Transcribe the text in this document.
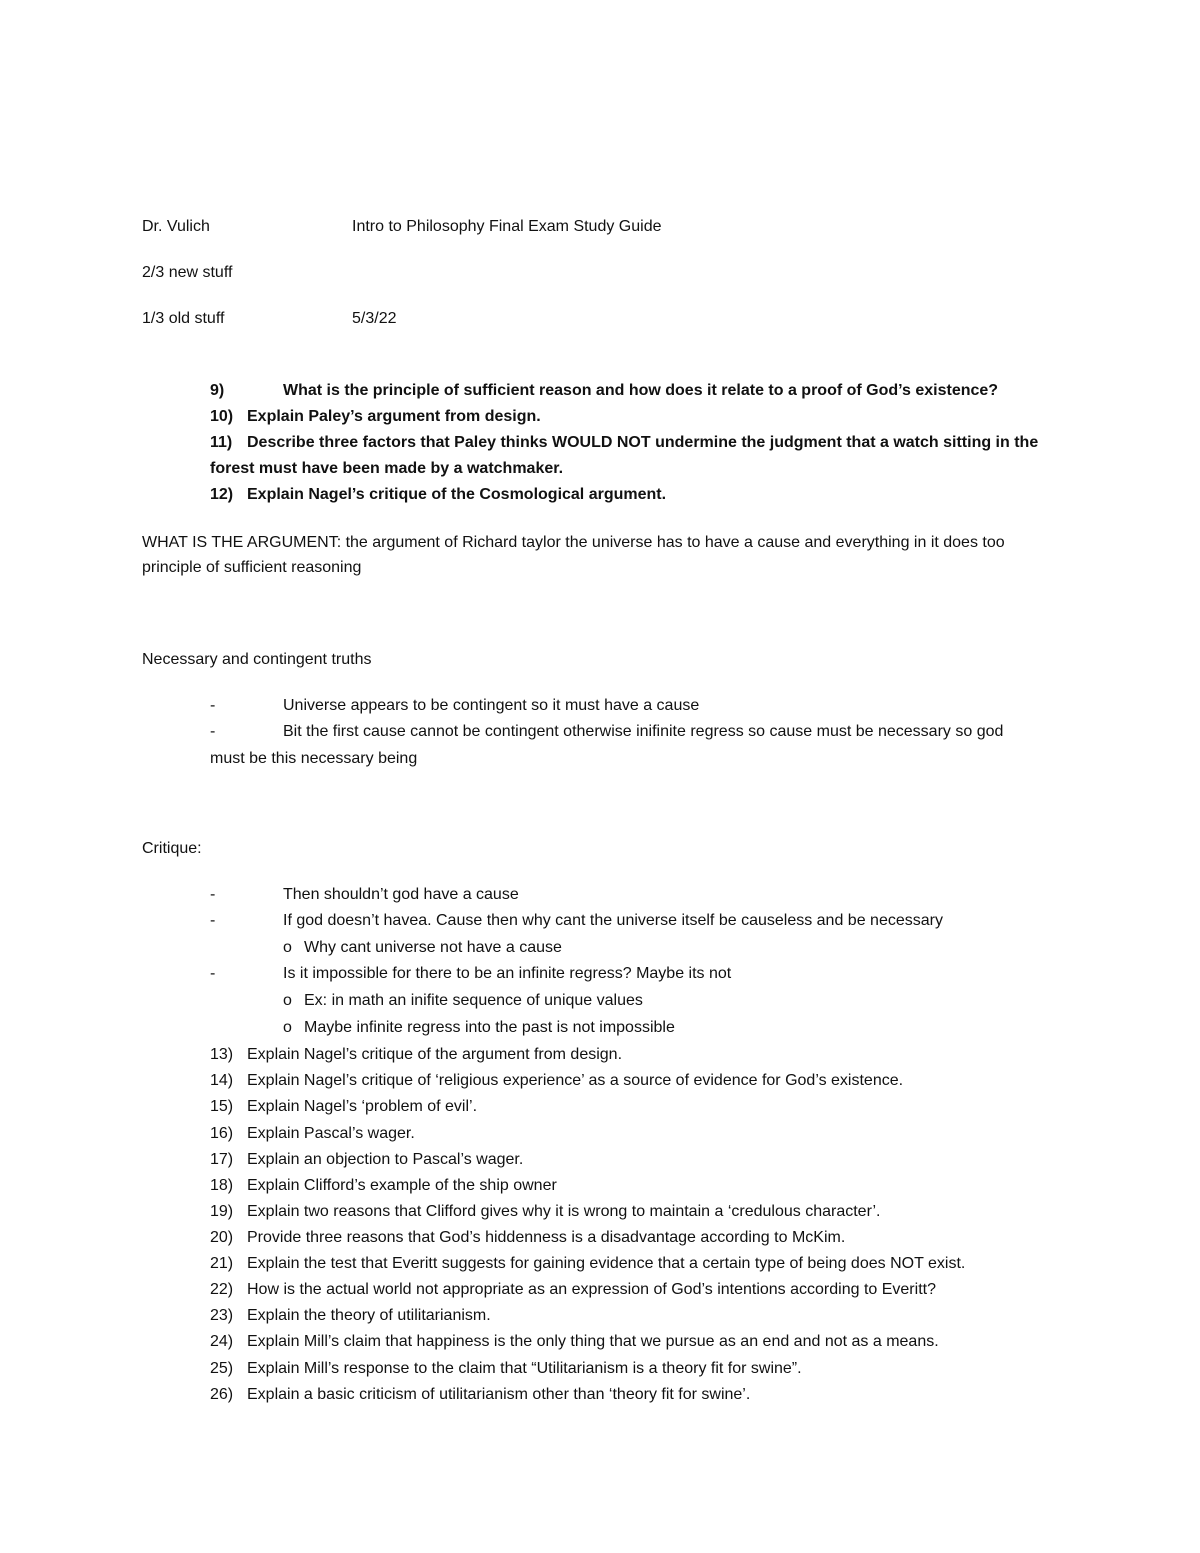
Dr. Vulich	Intro to Philosophy Final Exam Study Guide
2/3 new stuff
1/3 old stuff	5/3/22
9)	What is the principle of sufficient reason and how does it relate to a proof of God’s existence?
10) Explain Paley’s argument from design.
11) Describe three factors that Paley thinks WOULD NOT undermine the judgment that a watch sitting in the
forest must have been made by a watchmaker.
12) Explain Nagel’s critique of the Cosmological argument.
WHAT IS THE ARGUMENT: the argument of Richard taylor the universe has to have a cause and everything in it does too
principle of sufficient reasoning
Necessary and contingent truths
-	Universe appears to be contingent so it must have a cause
-	Bit the first cause cannot be contingent otherwise inifinite regress so cause must be necessary so god
must be this necessary being
Critique:
-	Then shouldn’t god have a cause
-	If god doesn’t havea. Cause then why cant the universe itself be causeless and be necessary
o Why cant universe not have a cause
-	Is it impossible for there to be an infinite regress? Maybe its not
o Ex: in math an inifite sequence of unique values
o Maybe infinite regress into the past is not impossible
13) Explain Nagel’s critique of the argument from design.
14) Explain Nagel’s critique of ‘religious experience’ as a source of evidence for God’s existence.
15) Explain Nagel’s ‘problem of evil’.
16) Explain Pascal’s wager.
17) Explain an objection to Pascal’s wager.
18) Explain Clifford’s example of the ship owner
19) Explain two reasons that Clifford gives why it is wrong to maintain a ‘credulous character’.
20) Provide three reasons that God’s hiddenness is a disadvantage according to McKim.
21) Explain the test that Everitt suggests for gaining evidence that a certain type of being does NOT exist.
22) How is the actual world not appropriate as an expression of God’s intentions according to Everitt?
23) Explain the theory of utilitarianism.
24) Explain Mill’s claim that happiness is the only thing that we pursue as an end and not as a means.
25) Explain Mill’s response to the claim that “Utilitarianism is a theory fit for swine”.
26) Explain a basic criticism of utilitarianism other than ‘theory fit for swine’.
